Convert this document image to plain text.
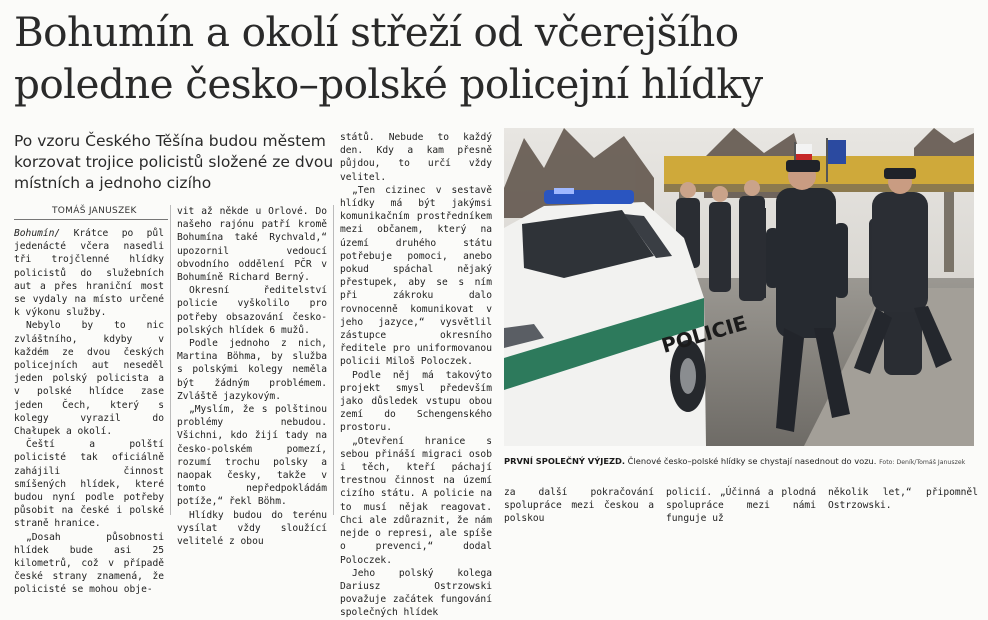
Bohumín a okolí střeží od včerejšího
poledne česko–polské policejní hlídky
Po vzoru Českého Těšína budou městem korzovat trojice policistů složené ze dvou místních a jednoho cizího
TOMÁŠ JANUSZEK

Bohumín/ Krátce po půl jedenácté včera nasedli tři trojčlenné hlídky policistů do služebních aut a přes hraniční most se vydaly na místo určené k výkonu služby.

Nebylo by to nic zvláštního, kdyby v každém ze dvou českých policejních aut neseděl jeden polský policista a v polské hlídce zase jeden Čech, který s kolegy vyrazil do Chałupek a okolí.

Čeští a polští policisté tak oficiálně zahájili činnost smíšených hlídek, které budou nyní podle potřeby působit na české i polské straně hranice.

„Dosah působnosti hlídek bude asi 25 kilometrů, což v případě české strany znamená, že policisté se mohou obje-

vit až někde u Orlové. Do našeho rajónu patří kromě Bohumína také Rychvald,“ upozornil vedoucí obvodního oddělení PČR v Bohumíně Richard Berný.

Okresní ředitelství policie vyškolilo pro potřeby obsazování česko-polských hlídek 6 mužů.

Podle jednoho z nich, Martina Böhma, by služba s polskými kolegy neměla být žádným problémem. Zvláště jazykovým.

„Myslím, že s polštinou problémy nebudou. Všichni, kdo žijí tady na česko-polském pomezí, rozumí trochu polsky a naopak česky, takže v tomto nepředpokládám potíže,“ řekl Böhm.

Hlídky budou do terénu vysílat vždy sloužící velitelé z obou

států. Nebude to každý den. Kdy a kam přesně půjdou, to určí vždy velitel.

„Ten cizinec v sestavě hlídky má být jakýmsi komunikačním prostředníkem mezi občanem, který na území druhého státu potřebuje pomoci, anebo pokud spáchal nějaký přestupek, aby se s ním při zákroku dalo rovnocenně komunikovat v jeho jazyce,“ vysvětlil zástupce okresního ředitele pro uniformovanou policii Miloš Poloczek.

Podle něj má takovýto projekt smysl především jako důsledek vstupu obou zemí do Schengenského prostoru.

„Otevření hranice s sebou přináší migraci osob i těch, kteří páchají trestnou činnost na území cizího státu. A policie na to musí nějak reagovat. Chci ale zdůraznit, že nám nejde o represi, ale spíše o prevenci,“ dodal Poloczek.

Jeho polský kolega Dariusz Ostrzowski považuje začátek fungování společných hlídek

POLICIE
POLICIE
PRVNÍ SPOLEČNÝ VÝJEZD. Členové česko–polské hlídky se chystají nasednout do vozu. Foto: Deník/Tomáš Januszek
za další pokračování spolupráce mezi českou a polskou
policií. „Účinná a plodná spolupráce mezi námi funguje už
několik let,“ připomněl Ostrzowski.
